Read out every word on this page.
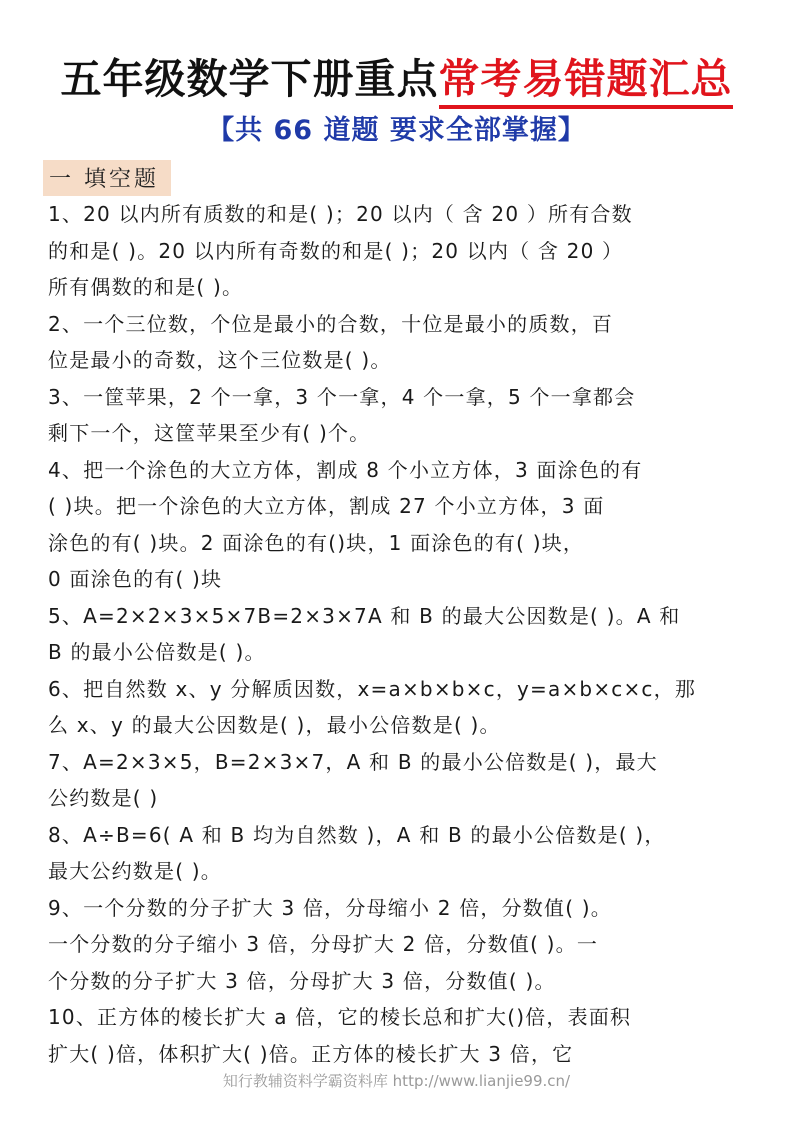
五年级数学下册重点常考易错题汇总
【共 66 道题 要求全部掌握】
一 填空题

1、20 以内所有质数的和是( )；20 以内（ 含 20 ）所有合数

的和是( )。20 以内所有奇数的和是( )；20 以内（ 含 20 ）

所有偶数的和是( )。

2、一个三位数，个位是最小的合数，十位是最小的质数，百

位是最小的奇数，这个三位数是( )。

3、一筐苹果，2 个一拿，3 个一拿，4 个一拿，5 个一拿都会

剩下一个，这筐苹果至少有( )个。

4、把一个涂色的大立方体，割成 8 个小立方体，3 面涂色的有

( )块。把一个涂色的大立方体，割成 27 个小立方体，3 面

涂色的有( )块。2 面涂色的有()块，1 面涂色的有( )块，

0 面涂色的有( )块

5、A=2×2×3×5×7B=2×3×7A 和 B 的最大公因数是( )。A 和

B 的最小公倍数是( )。

6、把自然数 x、y 分解质因数，x=a×b×b×c，y=a×b×c×c，那

么 x、y 的最大公因数是( )，最小公倍数是( )。

7、A=2×3×5，B=2×3×7，A 和 B 的最小公倍数是( )，最大

公约数是( )

8、A÷B=6( A 和 B 均为自然数 )，A 和 B 的最小公倍数是( )，

最大公约数是( )。

9、一个分数的分子扩大 3 倍，分母缩小 2 倍，分数值( )。

一个分数的分子缩小 3 倍，分母扩大 2 倍，分数值( )。一

个分数的分子扩大 3 倍，分母扩大 3 倍，分数值( )。

10、正方体的棱长扩大 a 倍，它的棱长总和扩大()倍，表面积

扩大( )倍，体积扩大( )倍。正方体的棱长扩大 3 倍，它

知行教辅资料学霸资料库 http://www.lianjie99.cn/
